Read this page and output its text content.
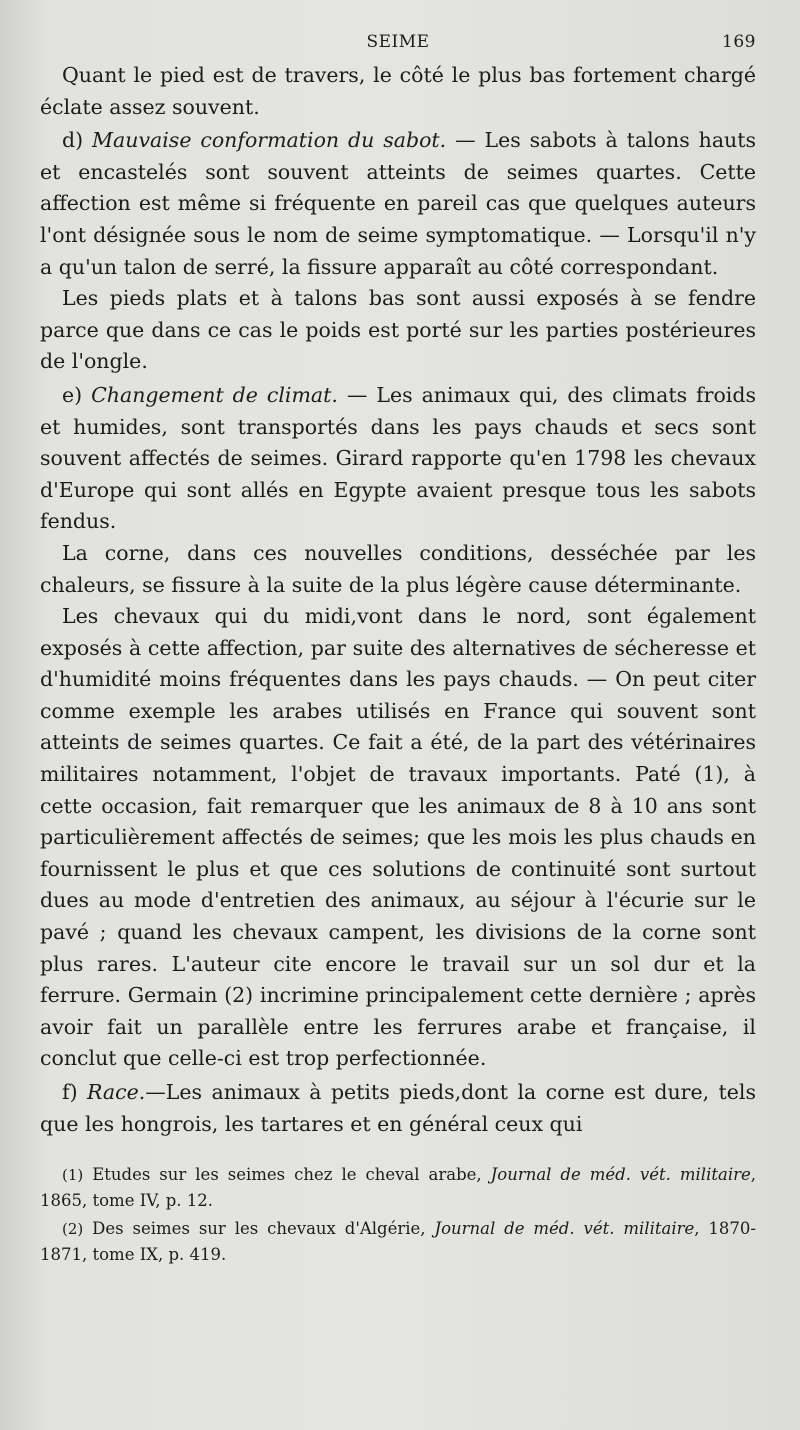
SEIME	169

Quant le pied est de travers, le côté le plus bas fortement chargé éclate assez souvent.

d) Mauvaise conformation du sabot. — Les sabots à talons hauts et encastelés sont souvent atteints de seimes quartes. Cette affection est même si fréquente en pareil cas que quelques auteurs l'ont désignée sous le nom de seime symptomatique. — Lorsqu'il n'y a qu'un talon de serré, la fissure apparaît au côté correspondant.

Les pieds plats et à talons bas sont aussi exposés à se fendre parce que dans ce cas le poids est porté sur les parties postérieures de l'ongle.

e) Changement de climat. — Les animaux qui, des climats froids et humides, sont transportés dans les pays chauds et secs sont souvent affectés de seimes. Girard rapporte qu'en 1798 les chevaux d'Europe qui sont allés en Egypte avaient presque tous les sabots fendus.

La corne, dans ces nouvelles conditions, desséchée par les chaleurs, se fissure à la suite de la plus légère cause déterminante.

Les chevaux qui du midi,vont dans le nord, sont également exposés à cette affection, par suite des alternatives de sécheresse et d'humidité moins fréquentes dans les pays chauds. — On peut citer comme exemple les arabes utilisés en France qui souvent sont atteints de seimes quartes. Ce fait a été, de la part des vétérinaires militaires notamment, l'objet de travaux importants. Paté (1), à cette occasion, fait remarquer que les animaux de 8 à 10 ans sont particulièrement affectés de seimes; que les mois les plus chauds en fournissent le plus et que ces solutions de continuité sont surtout dues au mode d'entretien des animaux, au séjour à l'écurie sur le pavé ; quand les chevaux campent, les divisions de la corne sont plus rares. L'auteur cite encore le travail sur un sol dur et la ferrure. Germain (2) incrimine principalement cette dernière ; après avoir fait un parallèle entre les ferrures arabe et française, il conclut que celle-ci est trop perfectionnée.

f) Race.—Les animaux à petits pieds,dont la corne est dure, tels que les hongrois, les tartares et en général ceux qui

(1) Etudes sur les seimes chez le cheval arabe, Journal de méd. vét. militaire, 1865, tome IV, p. 12.

(2) Des seimes sur les chevaux d'Algérie, Journal de méd. vét. militaire, 1870-1871, tome IX, p. 419.
